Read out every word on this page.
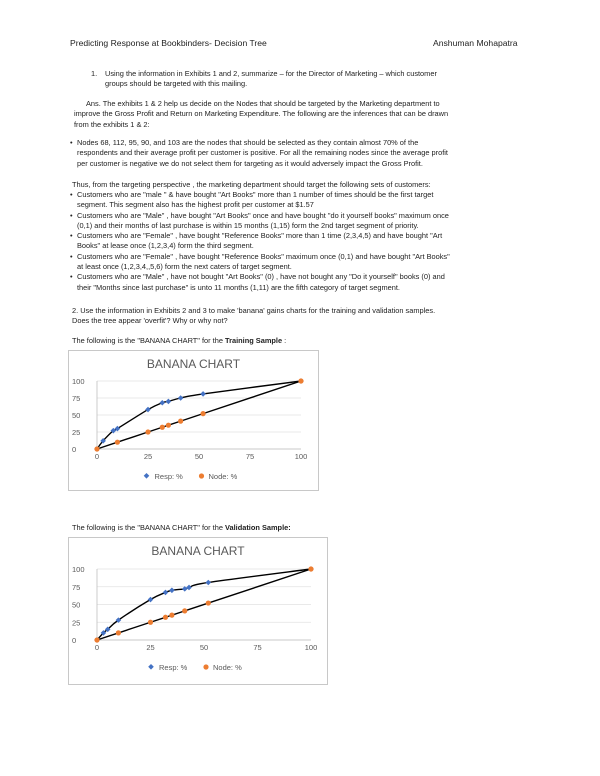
Predicting Response at Bookbinders- Decision Tree	Anshuman Mohapatra
1. Using the information in Exhibits 1 and 2, summarize – for the Director of Marketing – which customer
groups should be targeted with this mailing.
Ans. The exhibits 1 & 2 help us decide on the Nodes that should be targeted by the Marketing department to
improve the Gross Profit and Return on Marketing Expenditure. The following are the inferences that can be drawn
from the exhibits 1 & 2:
• Nodes 68, 112, 95, 90, and 103 are the nodes that should be selected as they contain almost 70% of the
respondents and their average profit per customer is positive. For all the remaining nodes since the average profit
per customer is negative we do not select them for targeting as it would adversely impact the Gross Profit.
Thus, from the targeting perspective , the marketing department should target the following sets of customers:
• Customers who are "male " & have bought "Art Books" more than 1 number of times should be the first target
segment. This segment also has the highest profit per customer at $1.57
• Customers who are "Male" , have bought "Art Books" once and have bought "do it yourself books" maximum once
(0,1) and their months of last purchase is within 15 months (1,15) form the 2nd target segment of priority.
• Customers who are "Female" , have bought "Reference Books" more than 1 time (2,3,4,5) and have bought "Art
Books" at lease once (1,2,3,4) form the third segment.
• Customers who are "Female" , have bought "Reference Books" maximum once (0,1) and have bought "Art Books"
at least once (1,2,3,4,,5,6) form the next caters of target segment.
• Customers who are "Male" , have not bought "Art Books" (0) , have not bought any "Do it yourself" books (0) and
their "Months since last purchase" is unto 11 months (1,11) are the fifth category of target segment.
2. Use the information in Exhibits 2 and 3 to make 'banana' gains charts for the training and validation samples.
Does the tree appear 'overfit'? Why or why not?
The following is the "BANANA CHART" for the Training Sample :
BANANA CHART
0
25
50
75
100
0	25	50	75	100
Resp: %	Node: %
The following is the "BANANA CHART" for the Validation Sample:
BANANA CHART
0
25
50
75
100
0	25	50	75	100
Resp: %	Node: %
